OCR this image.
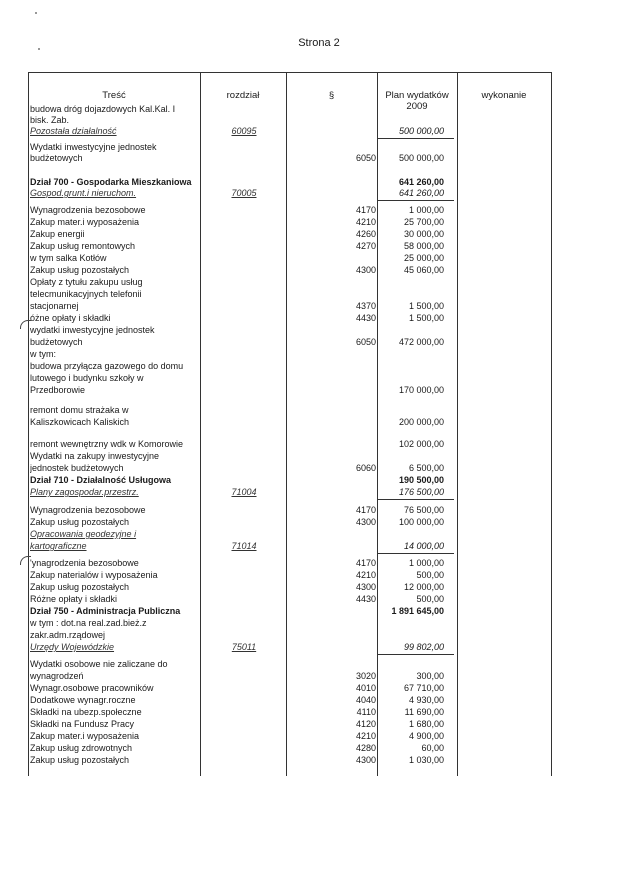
Strona 2
Treść	rozdział	§	Plan wydatków 2009
wykonanie
budowa dróg dojazdowych Kal.Kal. I
bisk. Zab.
Pozostała działalność	60095	500 000,00
Wydatki inwestycyjne jednostek
budżetowych	6050	500 000,00
Dział 700 - Gospodarka Mieszkaniowa	641 260,00
Gospod.grunt.i nieruchom.	70005	641 260,00
Wynagrodzenia bezosobowe	4170	1 000,00
Zakup mater.i wyposażenia	4210	25 700,00
Zakup energii	4260	30 000,00
Zakup usług remontowych	4270	58 000,00
w tym salka Kotłów	25 000,00
Zakup usług pozostałych	4300	45 060,00
Opłaty z tytułu zakupu usług
telecmunikacyjnych telefonii
stacjonarnej	4370	1 500,00
óżne opłaty i składki	4430	1 500,00
wydatki inwestycyjne jednostek
budżetowych	6050	472 000,00
w tym:
budowa przyłącza gazowego do domu
lutowego i budynku szkoły w
Przedborowie	170 000,00
remont domu strażaka w
Kaliszkowicach Kaliskich	200 000,00
remont wewnętrzny wdk w Komorowie	102 000,00
Wydatki na zakupy inwestycyjne
jednostek budżetowych	6060	6 500,00
Dział 710 - Działalność Usługowa	190 500,00
Plany zagospodar.przestrz.	71004	176 500,00
Wynagrodzenia bezosobowe	4170	76 500,00
Zakup usług pozostałych	4300	100 000,00
Opracowania geodezyjne i
kartograficzne	71014	14 000,00
'ynagrodzenia bezosobowe	4170	1 000,00
Zakup naterialów i wyposażenia	4210	500,00
Zakup usług pozostałych	4300	12 000,00
Różne opłaty i składki	4430	500,00
Dział 750 - Administracja Publiczna	1 891 645,00
w tym : dot.na real.zad.bież.z
zakr.adm.rządowej
Urzędy Wojewódzkie	75011	99 802,00
Wydatki osobowe nie zaliczane do
wynagrodzeń	3020	300,00
Wynagr.osobowe pracowników	4010	67 710,00
Dodatkowe wynagr.roczne	4040	4 930,00
Składki na ubezp.społeczne	4110	11 690,00
Składki na Fundusz Pracy	4120	1 680,00
Zakup mater.i wyposażenia	4210	4 900,00
Zakup usług zdrowotnych	4280	60,00
Zakup usług pozostałych	4300	1 030,00
